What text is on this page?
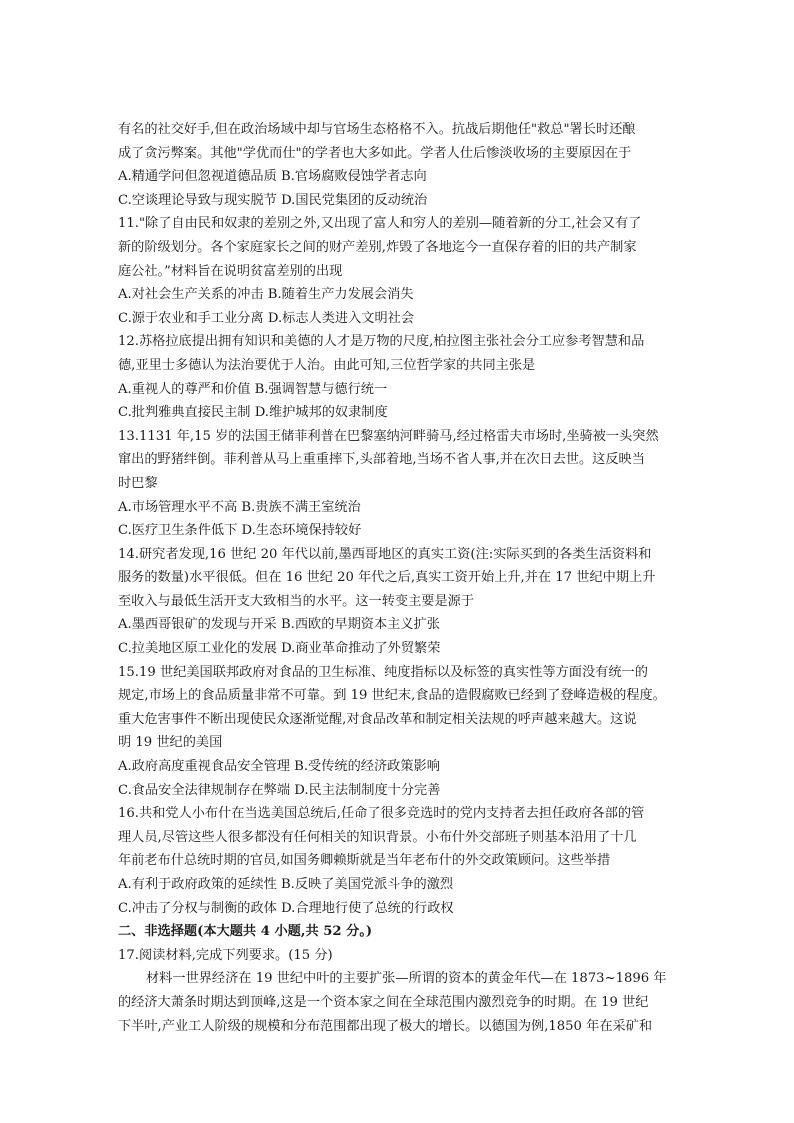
有名的社交好手,但在政治场域中却与官场生态格格不入。抗战后期他任"救总"署长时还酿
成了贪污弊案。其他"学优而仕"的学者也大多如此。学者人仕后惨淡收场的主要原因在于
A.精通学问但忽视道德品质 B.官场腐败侵蚀学者志向
C.空谈理论导致与现实脱节 D.国民党集团的反动统治
11."除了自由民和奴隶的差别之外,又出现了富人和穷人的差别—随着新的分工,社会又有了
新的阶级划分。各个家庭家长之间的财产差别,炸毁了各地迄今一直保存着的旧的共产制家
庭公社。”材料旨在说明贫富差别的出现
A.对社会生产关系的冲击 B.随着生产力发展会消失
C.源于农业和手工业分离 D.标志人类进入文明社会
12.苏格拉底提出拥有知识和美德的人才是万物的尺度,柏拉图主张社会分工应参考智慧和品
德,亚里士多德认为法治要优于人治。由此可知,三位哲学家的共同主张是
A.重视人的尊严和价值 B.强调智慧与德行统一
C.批判雅典直接民主制 D.维护城邦的奴隶制度
13.1131 年,15 岁的法国王储菲利普在巴黎塞纳河畔骑马,经过格雷夫市场时,坐骑被一头突然
窜出的野猪绊倒。菲利普从马上重重摔下,头部着地,当场不省人事,并在次日去世。这反映当
时巴黎
A.市场管理水平不高 B.贵族不满王室统治
C.医疗卫生条件低下 D.生态环境保持较好
14.研究者发现,16 世纪 20 年代以前,墨西哥地区的真实工资(注:实际买到的各类生活资料和
服务的数量)水平很低。但在 16 世纪 20 年代之后,真实工资开始上升,并在 17 世纪中期上升
至收入与最低生活开支大致相当的水平。这一转变主要是源于
A.墨西哥银矿的发现与开采 B.西欧的早期资本主义扩张
C.拉美地区原工业化的发展 D.商业革命推动了外贸繁荣
15.19 世纪美国联邦政府对食品的卫生标准、纯度指标以及标签的真实性等方面没有统一的
规定,市场上的食品质量非常不可靠。到 19 世纪末,食品的造假腐败已经到了登峰造极的程度。
重大危害事件不断出现使民众逐渐觉醒,对食品改革和制定相关法规的呼声越来越大。这说
明 19 世纪的美国
A.政府高度重视食品安全管理 B.受传统的经济政策影响
C.食品安全法律规制存在弊端 D.民主法制制度十分完善
16.共和党人小布什在当选美国总统后,任命了很多竞选时的党内支持者去担任政府各部的管
理人员,尽管这些人很多都没有任何相关的知识背景。小布什外交部班子则基本沿用了十几
年前老布什总统时期的官员,如国务卿赖斯就是当年老布什的外交政策顾问。这些举措
A.有利于政府政策的延续性 B.反映了美国党派斗争的激烈
C.冲击了分权与制衡的政体 D.合理地行使了总统的行政权
二、非选择题(本大题共 4 小题,共 52 分。)
17.阅读材料,完成下列要求。(15 分)
材料一世界经济在 19 世纪中叶的主要扩张—所谓的资本的黄金年代—在 1873~1896 年
的经济大萧条时期达到顶峰,这是一个资本家之间在全球范围内激烈竞争的时期。在 19 世纪
下半叶,产业工人阶级的规模和分布范围都出现了极大的增长。以德国为例,1850 年在采矿和
